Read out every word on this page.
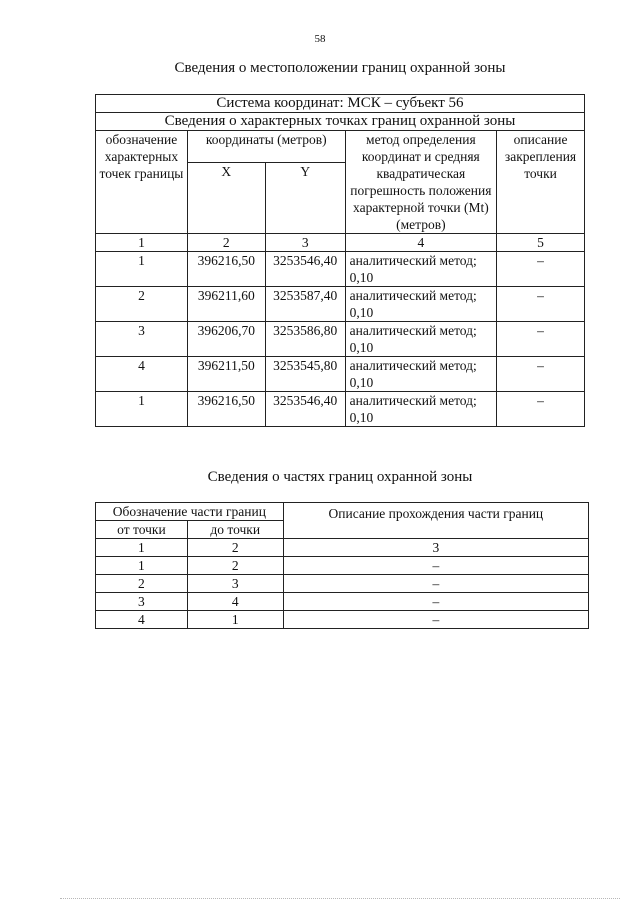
58
Сведения о местоположении границ охранной зоны
Система координат: МСК – субъект 56				
Сведения о характерных точках границ охранной зоны				
обозначение характерных точек границы	координаты (метров)		метод определения координат и средняя квадратическая погрешность положения характерной точки (Mt) (метров)	описание закрепления точки
	X	Y		
1	2	3	4	5
1	396216,50	3253546,40	аналитический метод; 0,10	–
2	396211,60	3253587,40	аналитический метод; 0,10	–
3	396206,70	3253586,80	аналитический метод; 0,10	–
4	396211,50	3253545,80	аналитический метод; 0,10	–
1	396216,50	3253546,40	аналитический метод; 0,10	–
Сведения о частях границ охранной зоны
Обозначение части границ		Описание прохождения части границ
от точки	до точки	
1	2	3
1	2	–
2	3	–
3	4	–
4	1	–
